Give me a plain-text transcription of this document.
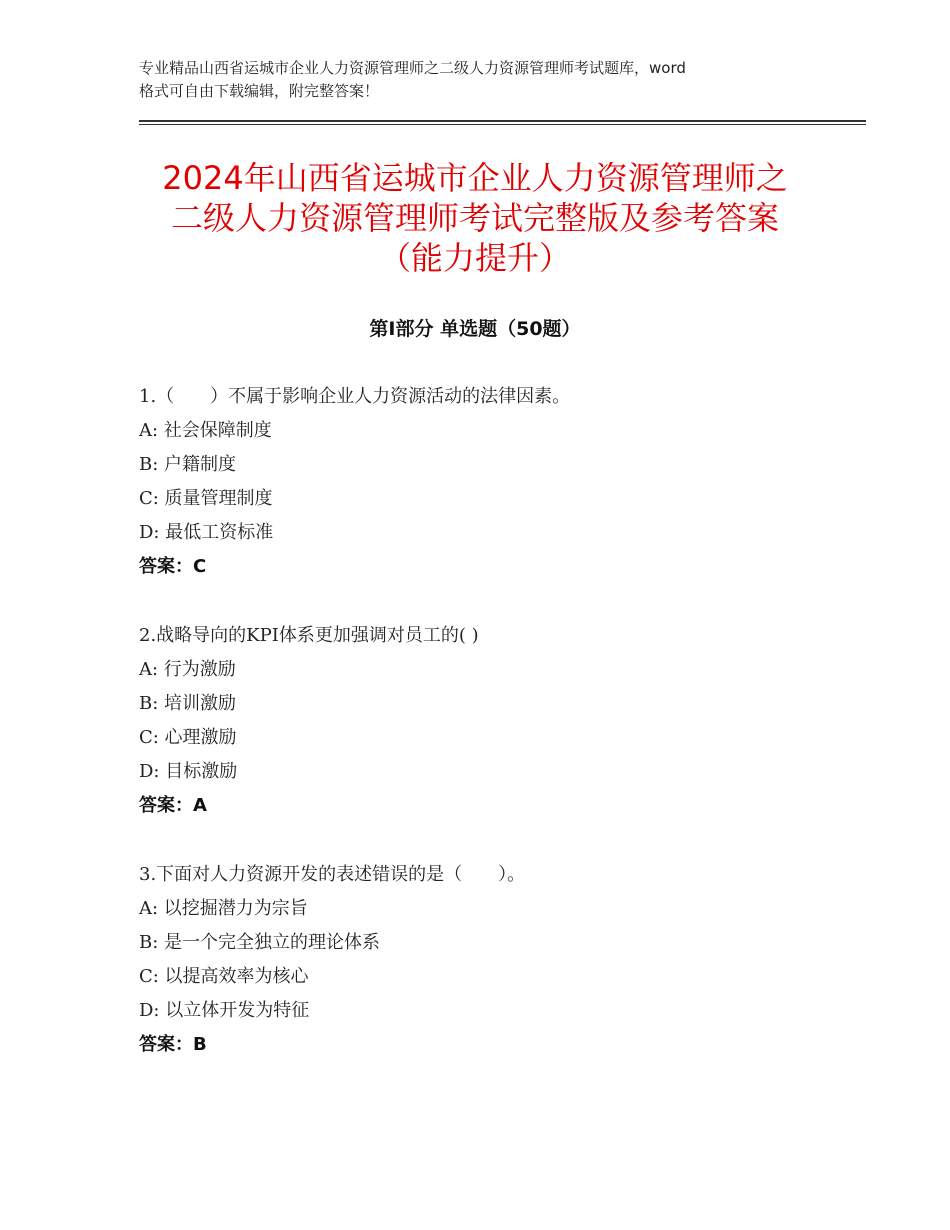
专业精品山西省运城市企业人力资源管理师之二级人力资源管理师考试题库，word
格式可自由下载编辑，附完整答案！
2024年山西省运城市企业人力资源管理师之
二级人力资源管理师考试完整版及参考答案
（能力提升）
第Ⅰ部分 单选题（50题）
1.（　　）不属于影响企业人力资源活动的法律因素。
A: 社会保障制度
B: 户籍制度
C: 质量管理制度
D: 最低工资标准
答案：C
2.战略导向的KPI体系更加强调对员工的( )
A: 行为激励
B: 培训激励
C: 心理激励
D: 目标激励
答案：A
3.下面对人力资源开发的表述错误的是（　　）。
A: 以挖掘潜力为宗旨
B: 是一个完全独立的理论体系
C: 以提高效率为核心
D: 以立体开发为特征
答案：B
